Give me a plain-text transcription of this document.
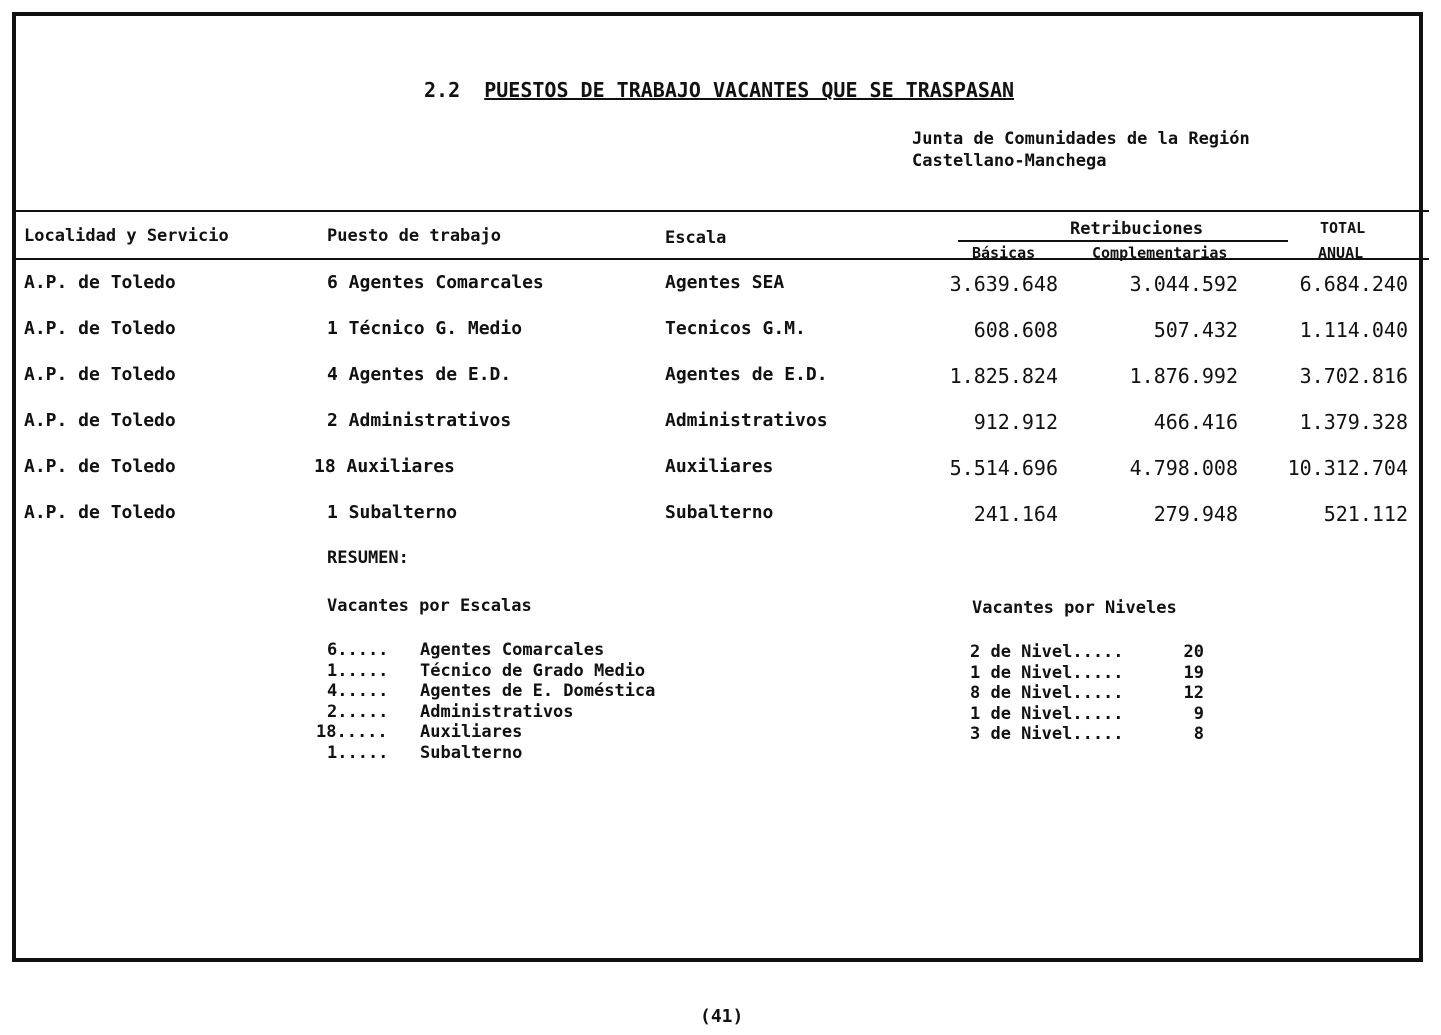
2.2 PUESTOS DE TRABAJO VACANTES QUE SE TRASPASAN
Junta de Comunidades de la Región
Castellano-Manchega
Localidad y Servicio	Puesto de trabajo	Escala	Retribuciones
Básicas	Complementarias
TOTAL
ANUAL
A.P. de Toledo	6 Agentes Comarcales	Agentes SEA	3.639.648	3.044.592	6.684.240
A.P. de Toledo	1 Técnico G. Medio	Tecnicos G.M.	608.608	507.432	1.114.040
A.P. de Toledo	4 Agentes de E.D.	Agentes de E.D.	1.825.824	1.876.992	3.702.816
A.P. de Toledo	2 Administrativos	Administrativos	912.912	466.416	1.379.328
A.P. de Toledo	18 Auxiliares	Auxiliares	5.514.696	4.798.008	10.312.704
A.P. de Toledo	1 Subalterno	Subalterno	241.164	279.948	521.112
RESUMEN:
Vacantes por Escalas	Vacantes por Niveles
6..... Agentes Comarcales
1..... Técnico de Grado Medio
4..... Agentes de E. Doméstica
2..... Administrativos
18..... Auxiliares
1..... Subalterno
2 de Nivel.....	20
1 de Nivel.....	19
8 de Nivel.....	12
1 de Nivel.....	9
3 de Nivel.....	8
(41)
